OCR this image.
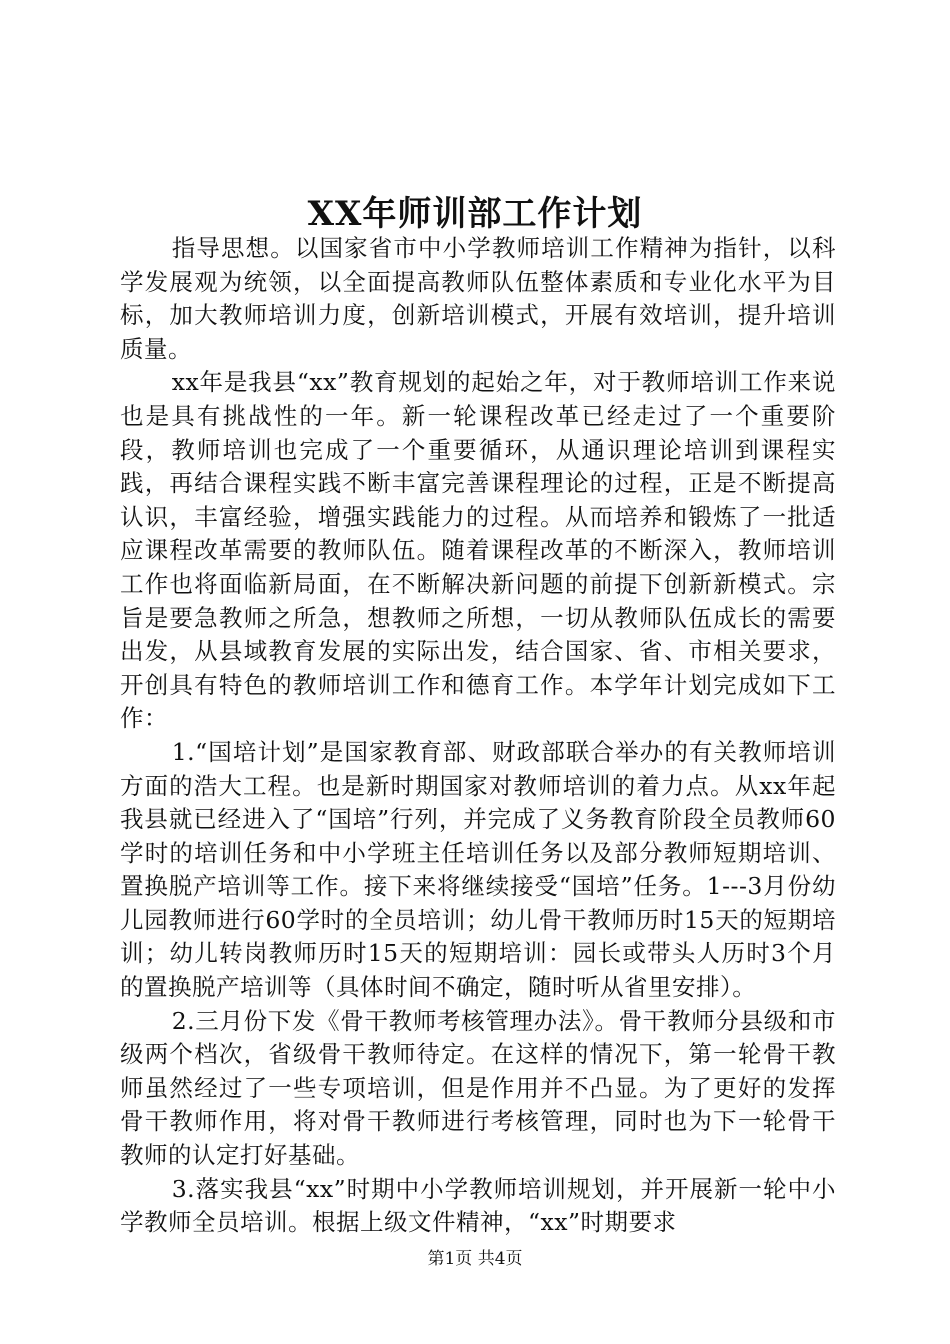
XX年师训部工作计划

指导思想。以国家省市中小学教师培训工作精神为指针，以科学发展观为统领，以全面提高教师队伍整体素质和专业化水平为目标，加大教师培训力度，创新培训模式，开展有效培训，提升培训质量。

xx年是我县“xx”教育规划的起始之年，对于教师培训工作来说也是具有挑战性的一年。新一轮课程改革已经走过了一个重要阶段，教师培训也完成了一个重要循环，从通识理论培训到课程实践，再结合课程实践不断丰富完善课程理论的过程，正是不断提高认识，丰富经验，增强实践能力的过程。从而培养和锻炼了一批适应课程改革需要的教师队伍。随着课程改革的不断深入，教师培训工作也将面临新局面，在不断解决新问题的前提下创新新模式。宗旨是要急教师之所急，想教师之所想，一切从教师队伍成长的需要出发，从县域教育发展的实际出发，结合国家、省、市相关要求，开创具有特色的教师培训工作和德育工作。本学年计划完成如下工作：

1.“国培计划”是国家教育部、财政部联合举办的有关教师培训方面的浩大工程。也是新时期国家对教师培训的着力点。从xx年起我县就已经进入了“国培”行列，并完成了义务教育阶段全员教师60学时的培训任务和中小学班主任培训任务以及部分教师短期培训、置换脱产培训等工作。接下来将继续接受“国培”任务。1---3月份幼儿园教师进行60学时的全员培训；幼儿骨干教师历时15天的短期培训；幼儿转岗教师历时15天的短期培训：园长或带头人历时3个月的置换脱产培训等（具体时间不确定，随时听从省里安排）。

2.三月份下发《骨干教师考核管理办法》。骨干教师分县级和市级两个档次，省级骨干教师待定。在这样的情况下，第一轮骨干教师虽然经过了一些专项培训，但是作用并不凸显。为了更好的发挥骨干教师作用，将对骨干教师进行考核管理，同时也为下一轮骨干教师的认定打好基础。

3.落实我县“xx”时期中小学教师培训规划，并开展新一轮中小学教师全员培训。根据上级文件精神，“xx”时期要求

第1页 共4页
